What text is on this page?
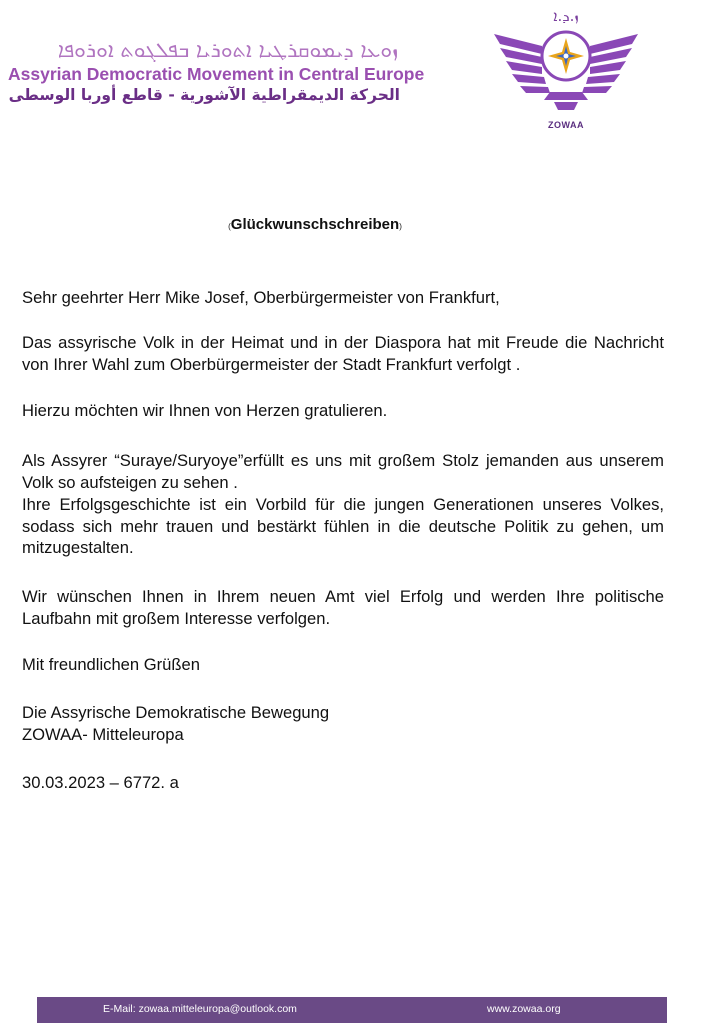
ܙܘܥܐ ܕܝܡܘܩܪܛܝܐ ܐܬܘܪܝܐ ܒܦܠܓܘܬ ܐܘܪܘܦܐ
Assyrian Democratic Movement in Central Europe
الحركة الديمقراطية الآشورية - قاطع أوربا الوسطى
ܙ.ܕ.ܐ
ZOWAA
(Glückwunschschreiben)
Sehr geehrter Herr Mike Josef, Oberbürgermeister von Frankfurt,
Das assyrische Volk in der Heimat und in der Diaspora hat mit Freude die Nachricht von Ihrer Wahl zum Oberbürgermeister der Stadt Frankfurt verfolgt .
Hierzu möchten wir Ihnen von Herzen gratulieren.
Als Assyrer “Suraye/Suryoye”erfüllt es uns mit großem Stolz jemanden aus unserem Volk so aufsteigen zu sehen .
Ihre Erfolgsgeschichte ist ein Vorbild für die jungen Generationen unseres Volkes, sodass sich mehr trauen und bestärkt fühlen in die deutsche Politik zu gehen, um mitzugestalten.
Wir wünschen Ihnen in Ihrem neuen Amt viel Erfolg und werden Ihre politische Laufbahn mit großem Interesse verfolgen.
Mit freundlichen Grüßen
Die Assyrische Demokratische Bewegung
ZOWAA- Mitteleuropa
30.03.2023 – 6772. a
E-Mail: zowaa.mitteleuropa@outlook.com	www.zowaa.org
